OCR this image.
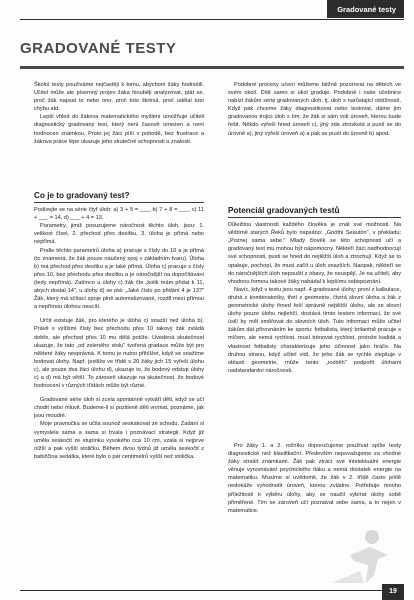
Gradované testy
GRADOVANÉ TESTY

Školní testy používáme nejčastěji k tomu, abychom žáky hodnotili. Učitel může ale písemný projev žáka hlouběji analyzovat, ptát se, proč žák napsal to nebo ono, proč toto škrtnul, proč udělal tuto chybu atd.

Lepší vhled do žákova matematického myšlení umožňuje učiteli diagnostický gradovaný test, který není časově omezen a není hodnocen známkou. Proto jej žáci píší v pohodě, bez frustrace a žákova práce lépe ukazuje jeho skutečné schopnosti a znalosti.

Podobné procesy učení můžeme běžně pozorovat na dětech ve svém okolí. Dítě samo si úkol gradujе. Podobně i naše učebnice nabízí žákům sérię gradovaných úloh, tj. úloh s narůstající obtížností. Když pak chceme žáky diagnostikovat nebo testovat, dáme jim gradovanou trojici úloh s tím, že žák si sám volí úroveň, kterou bude řešit. Někdo vyřeší hned úroveň c), jiný zde ztroskotá a pustí se do úrovně a), jiný vyřeší úroveň a) a pak se pustí do úrovně b) apod.

Co je to gradovaný test?

Podívejte se na série čtyř úloh: a) 3 + 5 = ___, b) 7 + 8 = ___, c) 11 + ___ = 14, d) ___ + 4 = 13.

Parametry, jimiž posuzujeme náročnost těchto úloh, jsou: 1. velikost čísel, 2. přechod přes desítku, 3. úloha je přímá nebo nepřímá.

Podle těchto parametrů úloha a) pracuje s čísly do 10 a je přímá (to znamená, že žák pouze naučený spoj v základním tvaru). Úloha b) má přechod přes desítku a je také přímá. Úloha c) pracuje s čísly přes 10, bez přechodu přes desítku a je náročnější na dopočítávání (tedy nepřímá). Zatímco u úlohy c) žák čte „kolik mám přidat k 11, abych dostal 14", u úlohy d) se ptá: „Jaké číslo po přidání 4 je 13?" Žák, který má sčítací spoje plně automatizované, rozdíl mezi přímou a nepřímou úlohou neucítí.

Určit existuje žák, pro kterého je úloha c) snazší než úloha b). Právě s výššími čísly bez přechodu přes 10 takový žák zvládá dobře, ale přechod přes 10 mu dělá potíže. Uvedená skutečnost ukazuje, že tato „od zeleného stolu" tvořená gradace může být pro některé žáky nesprávná. K tomu je nutno přihlížet, když se snažíme bodovat úlohy. Např. jestliže ve třídě s 20 žáky jich 15 vyřeší úlohu c), ale pouze dva žáci úlohu d), ukazuje to, že bodový odstup úlohy c) a d) má být větší. To zároveň ukazuje na skutečnost, že bodové hodnocení v různých třídách může být různé.

Gradované série úloh si zcela spontánně vytváří děti, když se učí chodit nebo mluvit. Budeme-li si pozitivně děti vnímat, poznáme, jak jsou moudré.

Moje pravnučka se učila sounož seskakovat ze schodu. Zadání si vymyslela sama a sama si trvala i poznávací strategii. Když již uměla seskočit ze stupínku vysokého cca 10 cm, vzala si nejprve nížší a pak vyšší stoličku. Během dvou týdnů již uměla seskočit z babiččina sedátka, které bylo o pár centimetrů vyšší než stolička.

Potenciál gradovaných testů

Důležitou vlastností každého člověka je znát své možnosti. Na věštírně starých Řeků bylo napsáno: „Gnóthi Seautón", v překladu: „Poznej sama sebe." Mladý člověk se této schopnosti učí a gradovaný test mu mohou být nápomocny. Někteří žáci nadhodnocují své schopnosti, pustí se hned do nejtěžší úloh a ztrochují. Když se to opakuje, pochopí, že musí začít u úloh snazších. Naopak, někteří se do náročnějších úloh nepouští z obavy, že neuspějí. Je na učiteli, aby vhodnou formou takové žáky nabádal k lepšímu sebepoznání.

Navíc, když v testu jsou např. 4 gradované úlohy: první z kalkulace, druhá z kombinatoriky, třetí z geometrie, čtvrtá slovní úloha a žák z geometrické úlohy ihned řeší správně nejtěžší úlohu, ale ze slovní úlohy pouze úlohu nejlehčí, dostává tímto testem informaci, že své úsilí by měl směřovat do slovních úloh. Tuto informaci může učitel žákům dát přirovnáním ke sportu: fotbalista, který brilantně pracuje s míčem, ale nemá rychlost, musí trénovat rychlost, protože kadidá a vlastnost fotbalisty charakterizuje jeho účinnost jako hráče. Na druhou stranu, když učitel vidí, že jeho žák se rychle zlepšuje v oblasti geometrie, může tento „rozběh" podpořit úlohami nadstandardní náročnosti.

Pro žáky 1. a 2. ročníku doporučujeme používat spíše testy diagnostické než klasifikační. Především nepovažujeme za vhodné žáky strašit známkami. Žák pak ztrácí své intelektuální energie věnuje vyrovnávání psychického tlaku a nemá dostatek energie na matematiku. Musíme si uvědomit, že žák v 2. třídě často ještě nedokáže vyhodnotit úroveň, kterou zvládne. Potřebuje mnoho příležitostí k výběru úlohy, aby se naučil vybírat úlohy sobě přiměřené. Tím se zároveň učí poznávat sebe sama, a to nejen v matematice.

19
